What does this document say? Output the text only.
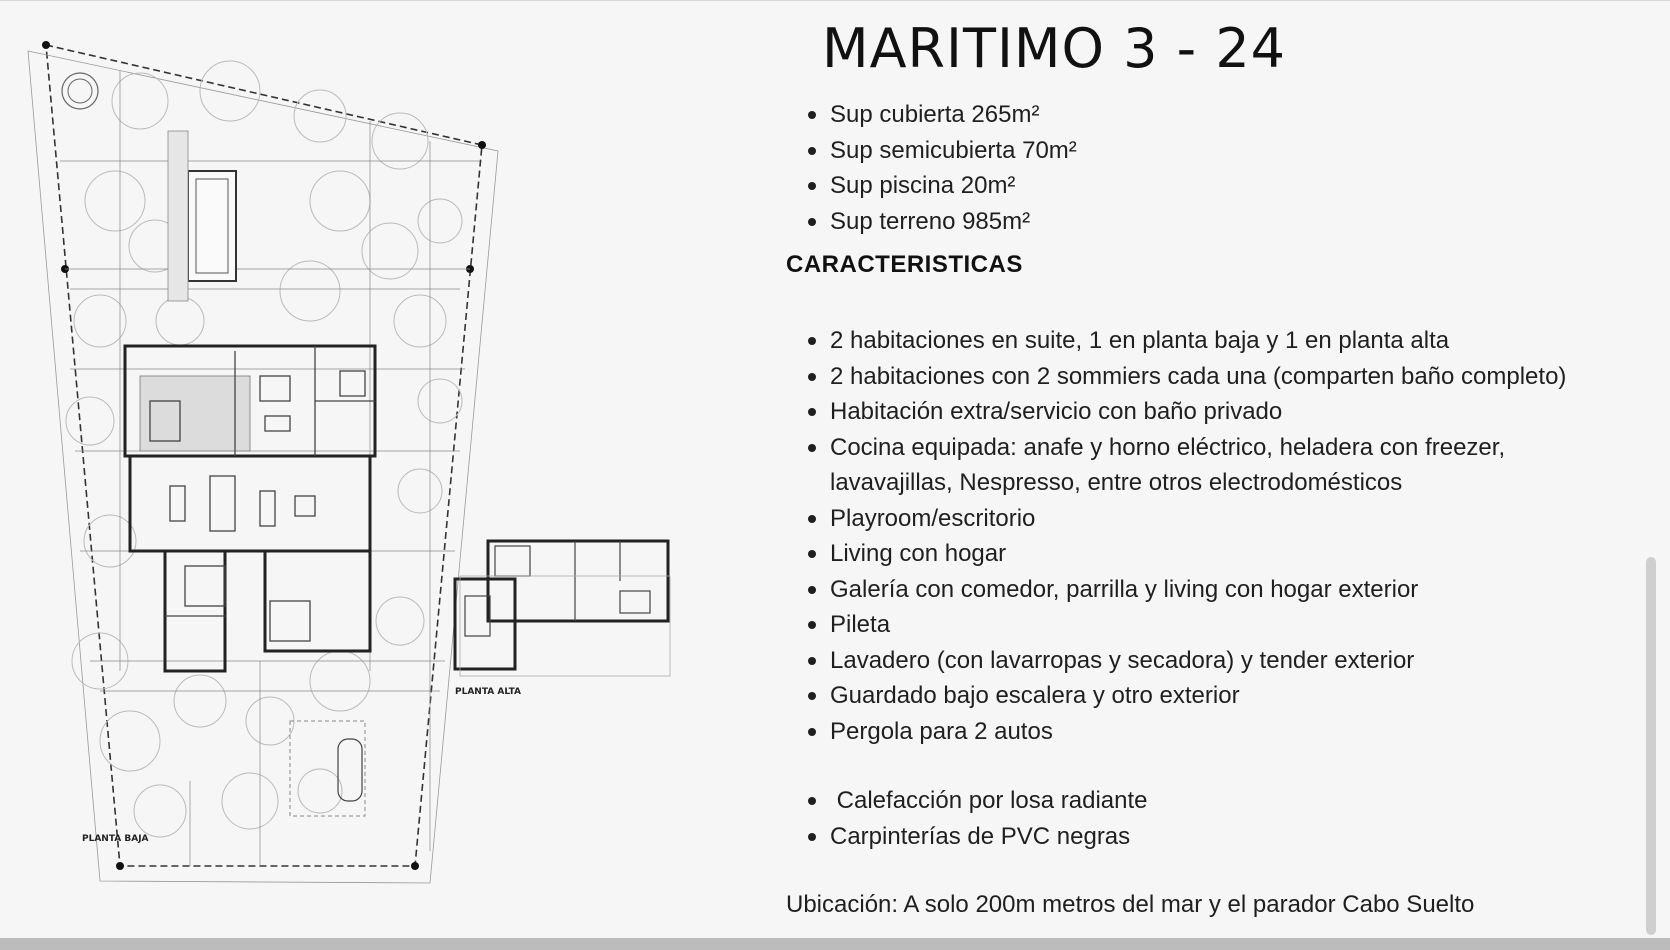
PLANTA BAJA
PLANTA ALTA
MARITIMO 3 - 24
Sup cubierta 265m²
Sup semicubierta 70m²
Sup piscina 20m²
Sup terreno 985m²
CARACTERISTICAS
2 habitaciones en suite, 1 en planta baja y 1 en planta alta
2 habitaciones con 2 sommiers cada una (comparten baño completo)
Habitación extra/servicio con baño privado
Cocina equipada: anafe y horno eléctrico, heladera con freezer, lavavajillas, Nespresso, entre otros electrodomésticos
Playroom/escritorio
Living con hogar
Galería con comedor, parrilla y living con hogar exterior
Pileta
Lavadero (con lavarropas y secadora) y tender exterior
Guardado bajo escalera y otro exterior
Pergola para 2 autos
Calefacción por losa radiante
Carpinterías de PVC negras
Ubicación: A solo 200m metros del mar y el parador Cabo Suelto
